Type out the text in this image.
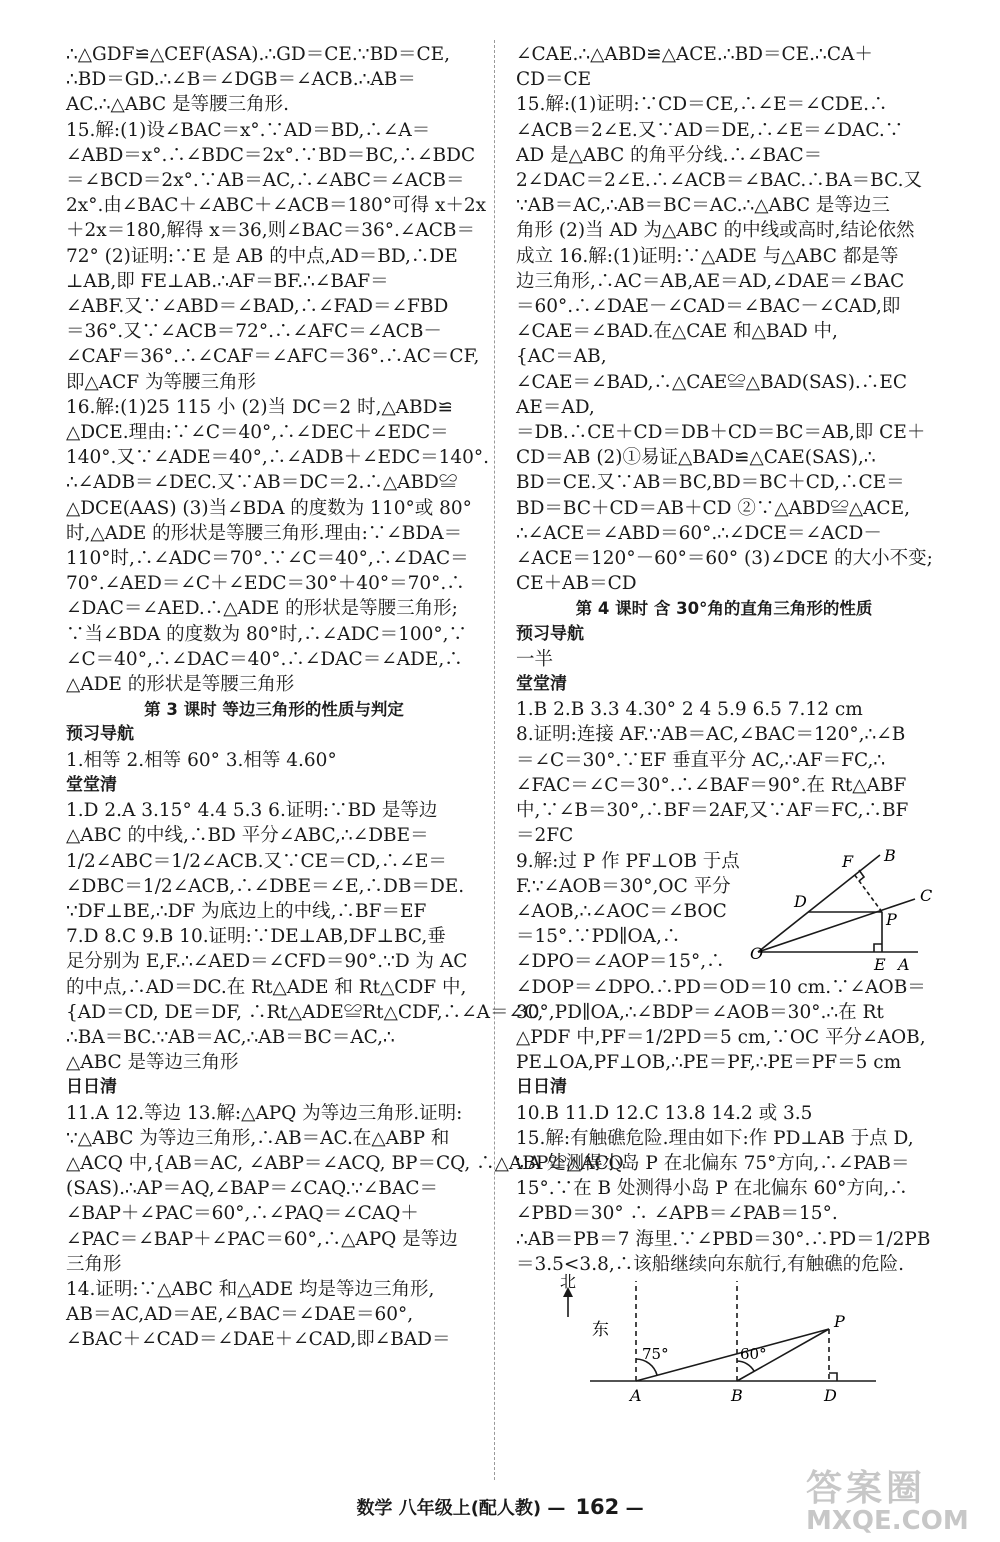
∴△GDF≌△CEF(ASA).∴GD＝CE.∵BD＝CE,
∴BD＝GD.∴∠B＝∠DGB＝∠ACB.∴AB＝
AC.∴△ABC 是等腰三角形.
15.解:(1)设∠BAC＝x°.∵AD＝BD,∴∠A＝
∠ABD＝x°.∴∠BDC＝2x°.∵BD＝BC,∴∠BDC
＝∠BCD＝2x°.∵AB＝AC,∴∠ABC＝∠ACB＝
2x°.由∠BAC＋∠ABC＋∠ACB＝180°可得 x＋2x
＋2x＝180,解得 x＝36,则∠BAC＝36°.∠ACB＝
72° (2)证明:∵E 是 AB 的中点,AD＝BD,∴DE
⊥AB,即 FE⊥AB.∴AF＝BF.∴∠BAF＝
∠ABF.又∵∠ABD＝∠BAD,∴∠FAD＝∠FBD
＝36°.又∵∠ACB＝72°.∴∠AFC＝∠ACB－
∠CAF＝36°.∴∠CAF＝∠AFC＝36°.∴AC＝CF,
即△ACF 为等腰三角形
16.解:(1)25 115 小 (2)当 DC＝2 时,△ABD≌
△DCE.理由:∵∠C＝40°,∴∠DEC＋∠EDC＝
140°.又∵∠ADE＝40°,∴∠ADB＋∠EDC＝140°.
∴∠ADB＝∠DEC.又∵AB＝DC＝2.∴△ABD≌
△DCE(AAS) (3)当∠BDA 的度数为 110°或 80°
时,△ADE 的形状是等腰三角形.理由:∵∠BDA＝
110°时,∴∠ADC＝70°.∵∠C＝40°,∴∠DAC＝
70°.∠AED＝∠C＋∠EDC＝30°＋40°＝70°.∴
∠DAC＝∠AED.∴△ADE 的形状是等腰三角形;
∵当∠BDA 的度数为 80°时,∴∠ADC＝100°,∵
∠C＝40°,∴∠DAC＝40°.∴∠DAC＝∠ADE,∴
△ADE 的形状是等腰三角形
第 3 课时 等边三角形的性质与判定
预习导航
1.相等 2.相等 60° 3.相等 4.60°
堂堂清
1.D 2.A 3.15° 4.4 5.3 6.证明:∵BD 是等边
△ABC 的中线,∴BD 平分∠ABC,∴∠DBE＝
1/2∠ABC＝1/2∠ACB.又∵CE＝CD,∴∠E＝
∠DBC＝1/2∠ACB,∴∠DBE＝∠E,∴DB＝DE.
∵DF⊥BE,∴DF 为底边上的中线,∴BF＝EF
7.D 8.C 9.B 10.证明:∵DE⊥AB,DF⊥BC,垂
足分别为 E,F.∴∠AED＝∠CFD＝90°.∵D 为 AC
的中点,∴AD＝DC.在 Rt△ADE 和 Rt△CDF 中,
{AD＝CD, DE＝DF, ∴Rt△ADE≌Rt△CDF,∴∠A＝∠C,
∴BA＝BC.∵AB＝AC,∴AB＝BC＝AC,∴
△ABC 是等边三角形
日日清
11.A 12.等边 13.解:△APQ 为等边三角形.证明:
∵△ABC 为等边三角形,∴AB＝AC.在△ABP 和
△ACQ 中,{AB＝AC, ∠ABP＝∠ACQ, BP＝CQ, ∴△ABP≌△ACQ
(SAS).∴AP＝AQ,∠BAP＝∠CAQ.∵∠BAC＝
∠BAP＋∠PAC＝60°,∴∠PAQ＝∠CAQ＋
∠PAC＝∠BAP＋∠PAC＝60°,∴△APQ 是等边
三角形
14.证明:∵△ABC 和△ADE 均是等边三角形,
AB＝AC,AD＝AE,∠BAC＝∠DAE＝60°,
∠BAC＋∠CAD＝∠DAE＋∠CAD,即∠BAD＝
∠CAE.∴△ABD≌△ACE.∴BD＝CE.∴CA＋
CD＝CE
15.解:(1)证明:∵CD＝CE,∴∠E＝∠CDE.∴
∠ACB＝2∠E.又∵AD＝DE,∴∠E＝∠DAC.∵
AD 是△ABC 的角平分线.∴∠BAC＝
2∠DAC＝2∠E.∴∠ACB＝∠BAC.∴BA＝BC.又
∵AB＝AC,∴AB＝BC＝AC.∴△ABC 是等边三
角形 (2)当 AD 为△ABC 的中线或高时,结论依然
成立 16.解:(1)证明:∵△ADE 与△ABC 都是等
边三角形,∴AC＝AB,AE＝AD,∠DAE＝∠BAC
＝60°.∴∠DAE－∠CAD＝∠BAC－∠CAD,即
∠CAE＝∠BAD.在△CAE 和△BAD 中,
{AC＝AB,
∠CAE＝∠BAD,∴△CAE≌△BAD(SAS).∴EC
AE＝AD,
＝DB.∴CE＋CD＝DB＋CD＝BC＝AB,即 CE＋
CD＝AB (2)①易证△BAD≌△CAE(SAS),∴
BD＝CE.又∵AB＝BC,BD＝BC＋CD,∴CE＝
BD＝BC＋CD＝AB＋CD ②∵△ABD≌△ACE,
∴∠ACE＝∠ABD＝60°.∴∠DCE＝∠ACD－
∠ACE＝120°－60°＝60° (3)∠DCE 的大小不变;
CE＋AB＝CD
第 4 课时 含 30°角的直角三角形的性质
预习导航
一半
堂堂清
1.B 2.B 3.3 4.30° 2 4 5.9 6.5 7.12 cm
8.证明:连接 AF.∵AB＝AC,∠BAC＝120°,∴∠B
＝∠C＝30°.∵EF 垂直平分 AC,∴AF＝FC,∴
∠FAC＝∠C＝30°.∴∠BAF＝90°.在 Rt△ABF
中,∵∠B＝30°,∴BF＝2AF,又∵AF＝FC,∴BF
＝2FC
9.解:过 P 作 PF⊥OB 于点
F.∵∠AOB＝30°,OC 平分
∠AOB,∴∠AOC＝∠BOC
＝15°.∵PD∥OA,∴
∠DPO＝∠AOP＝15°,∴
F B
D	C
P
O
E A
∠DOP＝∠DPO.∴PD＝OD＝10 cm.∵∠AOB＝
30°,PD∥OA,∴∠BDP＝∠AOB＝30°.∴在 Rt
△PDF 中,PF＝1/2PD＝5 cm,∵OC 平分∠AOB,
PE⊥OA,PF⊥OB,∴PE＝PF,∴PE＝PF＝5 cm
日日清
10.B 11.D 12.C 13.8 14.2 或 3.5
15.解:有触礁危险.理由如下:作 PD⊥AB 于点 D,
∵A 处测得小岛 P 在北偏东 75°方向,∴∠PAB＝
15°.∵在 B 处测得小岛 P 在北偏东 60°方向,∴
∠PBD＝30° ∴ ∠APB＝∠PAB＝15°.
∴AB＝PB＝7 海里.∵∠PBD＝30°.∴PD＝1/2PB
＝3.5<3.8,∴该船继续向东航行,有触礁的危险.
北
东
75°	60°
P
A	B	D
数学 八年级上(配人教) — 162 —	答案圈
MXQE.COM
